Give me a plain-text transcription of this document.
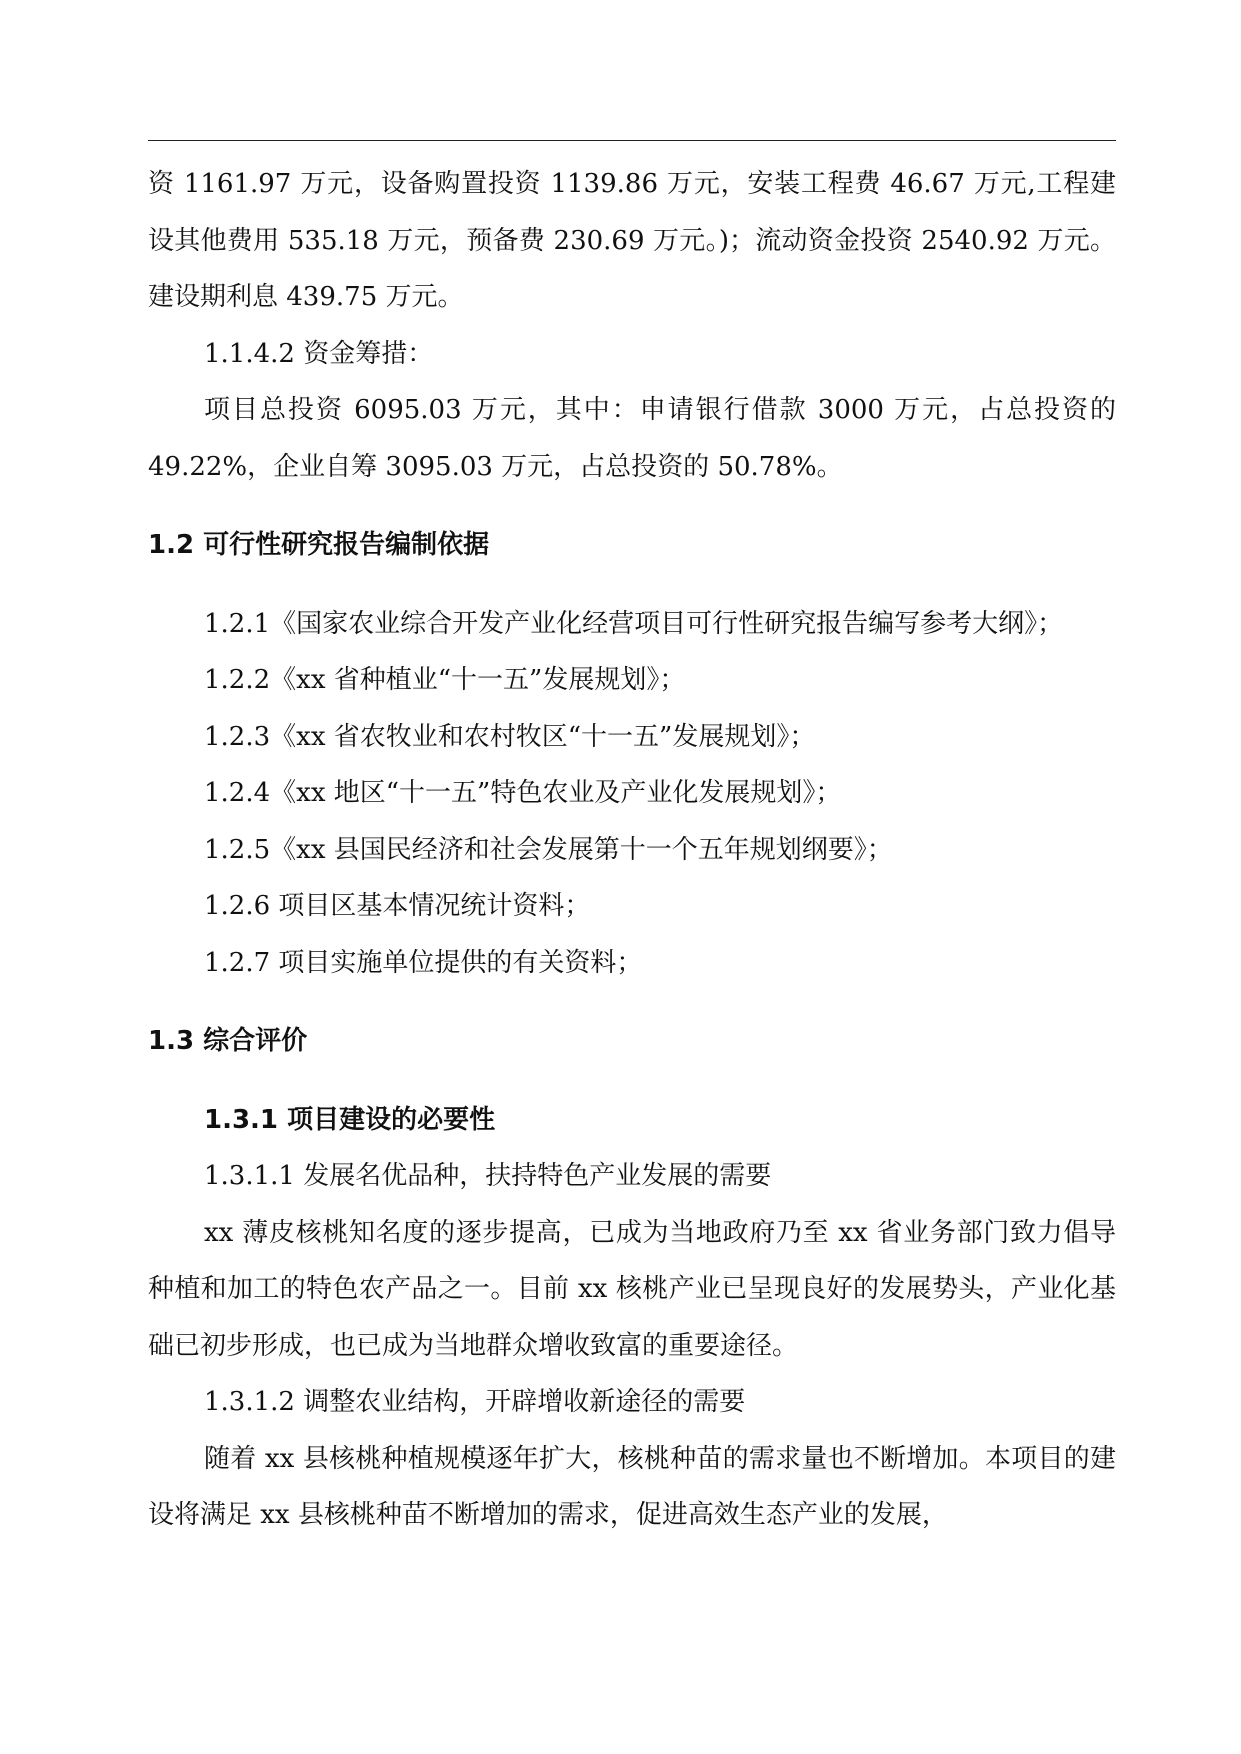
资 1161.97 万元，设备购置投资 1139.86 万元，安装工程费 46.67 万元,工程建设其他费用 535.18 万元，预备费 230.69 万元。)；流动资金投资 2540.92 万元。建设期利息 439.75 万元。

1.1.4.2 资金筹措：

项目总投资 6095.03 万元，其中：申请银行借款 3000 万元，占总投资的 49.22%，企业自筹 3095.03 万元，占总投资的 50.78%。

1.2 可行性研究报告编制依据

1.2.1《国家农业综合开发产业化经营项目可行性研究报告编写参考大纲》；

1.2.2《xx 省种植业“十一五”发展规划》；

1.2.3《xx 省农牧业和农村牧区“十一五”发展规划》；

1.2.4《xx 地区“十一五”特色农业及产业化发展规划》；

1.2.5《xx 县国民经济和社会发展第十一个五年规划纲要》；

1.2.6 项目区基本情况统计资料；

1.2.7 项目实施单位提供的有关资料；

1.3 综合评价
1.3.1 项目建设的必要性

1.3.1.1 发展名优品种，扶持特色产业发展的需要

xx 薄皮核桃知名度的逐步提高，已成为当地政府乃至 xx 省业务部门致力倡导种植和加工的特色农产品之一。目前 xx 核桃产业已呈现良好的发展势头，产业化基础已初步形成，也已成为当地群众增收致富的重要途径。

1.3.1.2 调整农业结构，开辟增收新途径的需要

随着 xx 县核桃种植规模逐年扩大，核桃种苗的需求量也不断增加。本项目的建设将满足 xx 县核桃种苗不断增加的需求，促进高效生态产业的发展，
